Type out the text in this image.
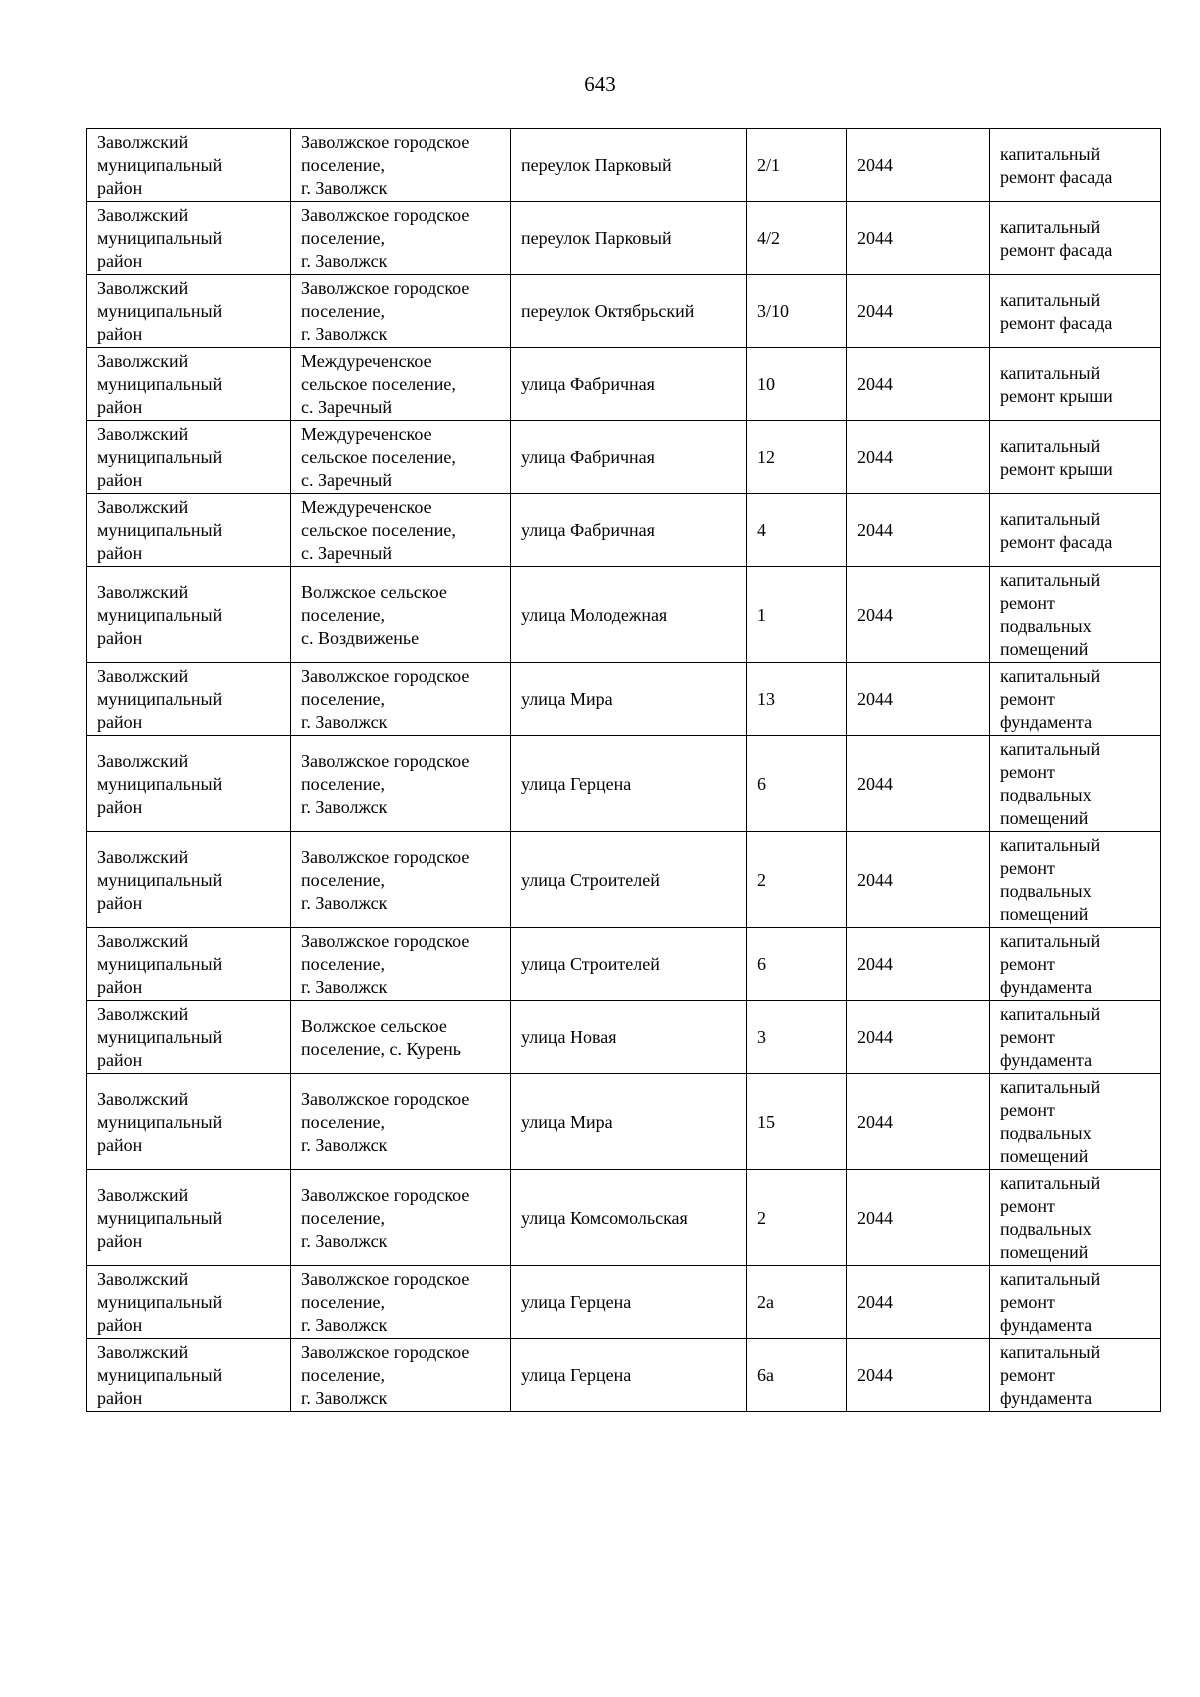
643
Заволжский
муниципальный
район	Заволжское городское
поселение,
г. Заволжск	переулок Парковый	2/1	2044	капитальный
ремонт фасада
Заволжский
муниципальный
район	Заволжское городское
поселение,
г. Заволжск	переулок Парковый	4/2	2044	капитальный
ремонт фасада
Заволжский
муниципальный
район	Заволжское городское
поселение,
г. Заволжск	переулок Октябрьский	3/10	2044	капитальный
ремонт фасада
Заволжский
муниципальный
район	Междуреченское
сельское поселение,
с. Заречный	улица Фабричная	10	2044	капитальный
ремонт крыши
Заволжский
муниципальный
район	Междуреченское
сельское поселение,
с. Заречный	улица Фабричная	12	2044	капитальный
ремонт крыши
Заволжский
муниципальный
район	Междуреченское
сельское поселение,
с. Заречный	улица Фабричная	4	2044	капитальный
ремонт фасада
Заволжский
муниципальный
район	Волжское сельское
поселение,
с. Воздвиженье	улица Молодежная	1	2044	капитальный
ремонт
подвальных
помещений
Заволжский
муниципальный
район	Заволжское городское
поселение,
г. Заволжск	улица Мира	13	2044	капитальный
ремонт
фундамента
Заволжский
муниципальный
район	Заволжское городское
поселение,
г. Заволжск	улица Герцена	6	2044	капитальный
ремонт
подвальных
помещений
Заволжский
муниципальный
район	Заволжское городское
поселение,
г. Заволжск	улица Строителей	2	2044	капитальный
ремонт
подвальных
помещений
Заволжский
муниципальный
район	Заволжское городское
поселение,
г. Заволжск	улица Строителей	6	2044	капитальный
ремонт
фундамента
Заволжский
муниципальный
район	Волжское сельское
поселение, с. Курень	улица Новая	3	2044	капитальный
ремонт
фундамента
Заволжский
муниципальный
район	Заволжское городское
поселение,
г. Заволжск	улица Мира	15	2044	капитальный
ремонт
подвальных
помещений
Заволжский
муниципальный
район	Заволжское городское
поселение,
г. Заволжск	улица Комсомольская	2	2044	капитальный
ремонт
подвальных
помещений
Заволжский
муниципальный
район	Заволжское городское
поселение,
г. Заволжск	улица Герцена	2а	2044	капитальный
ремонт
фундамента
Заволжский
муниципальный
район	Заволжское городское
поселение,
г. Заволжск	улица Герцена	6а	2044	капитальный
ремонт
фундамента
